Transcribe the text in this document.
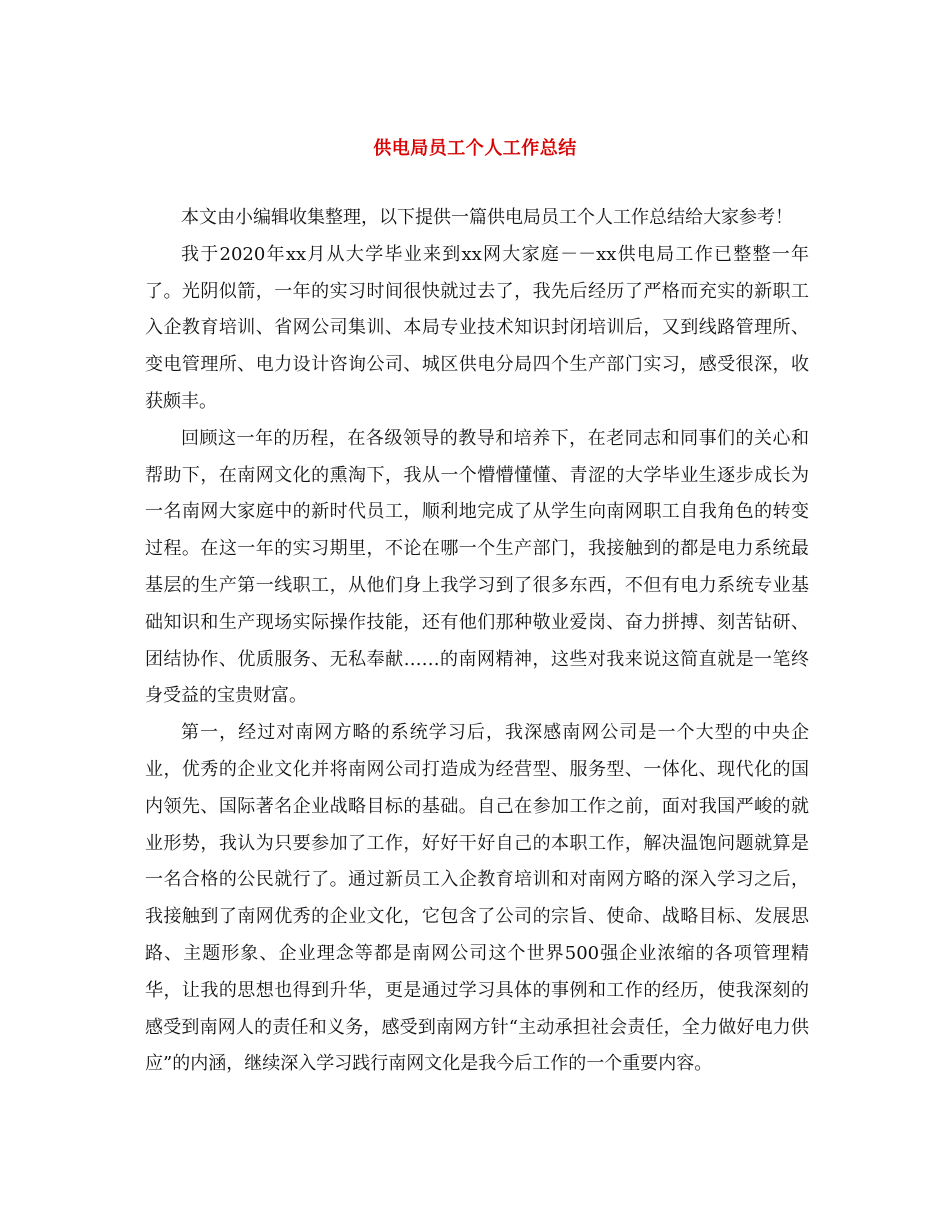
供电局员工个人工作总结

本文由小编辑收集整理，以下提供一篇供电局员工个人工作总结给大家参考！

我于2020年xx月从大学毕业来到xx网大家庭－－xx供电局工作已整整一年了。光阴似箭，一年的实习时间很快就过去了，我先后经历了严格而充实的新职工入企教育培训、省网公司集训、本局专业技术知识封闭培训后，又到线路管理所、变电管理所、电力设计咨询公司、城区供电分局四个生产部门实习，感受很深，收获颇丰。

回顾这一年的历程，在各级领导的教导和培养下，在老同志和同事们的关心和帮助下，在南网文化的熏淘下，我从一个懵懵懂懂、青涩的大学毕业生逐步成长为一名南网大家庭中的新时代员工，顺利地完成了从学生向南网职工自我角色的转变过程。在这一年的实习期里，不论在哪一个生产部门，我接触到的都是电力系统最基层的生产第一线职工，从他们身上我学习到了很多东西，不但有电力系统专业基础知识和生产现场实际操作技能，还有他们那种敬业爱岗、奋力拼搏、刻苦钻研、团结协作、优质服务、无私奉献……的南网精神，这些对我来说这简直就是一笔终身受益的宝贵财富。

第一，经过对南网方略的系统学习后，我深感南网公司是一个大型的中央企业，优秀的企业文化并将南网公司打造成为经营型、服务型、一体化、现代化的国内领先、国际著名企业战略目标的基础。自己在参加工作之前，面对我国严峻的就业形势，我认为只要参加了工作，好好干好自己的本职工作，解决温饱问题就算是一名合格的公民就行了。通过新员工入企教育培训和对南网方略的深入学习之后，我接触到了南网优秀的企业文化，它包含了公司的宗旨、使命、战略目标、发展思路、主题形象、企业理念等都是南网公司这个世界500强企业浓缩的各项管理精华，让我的思想也得到升华，更是通过学习具体的事例和工作的经历，使我深刻的感受到南网人的责任和义务，感受到南网方针“主动承担社会责任，全力做好电力供应”的内涵，继续深入学习践行南网文化是我今后工作的一个重要内容。
